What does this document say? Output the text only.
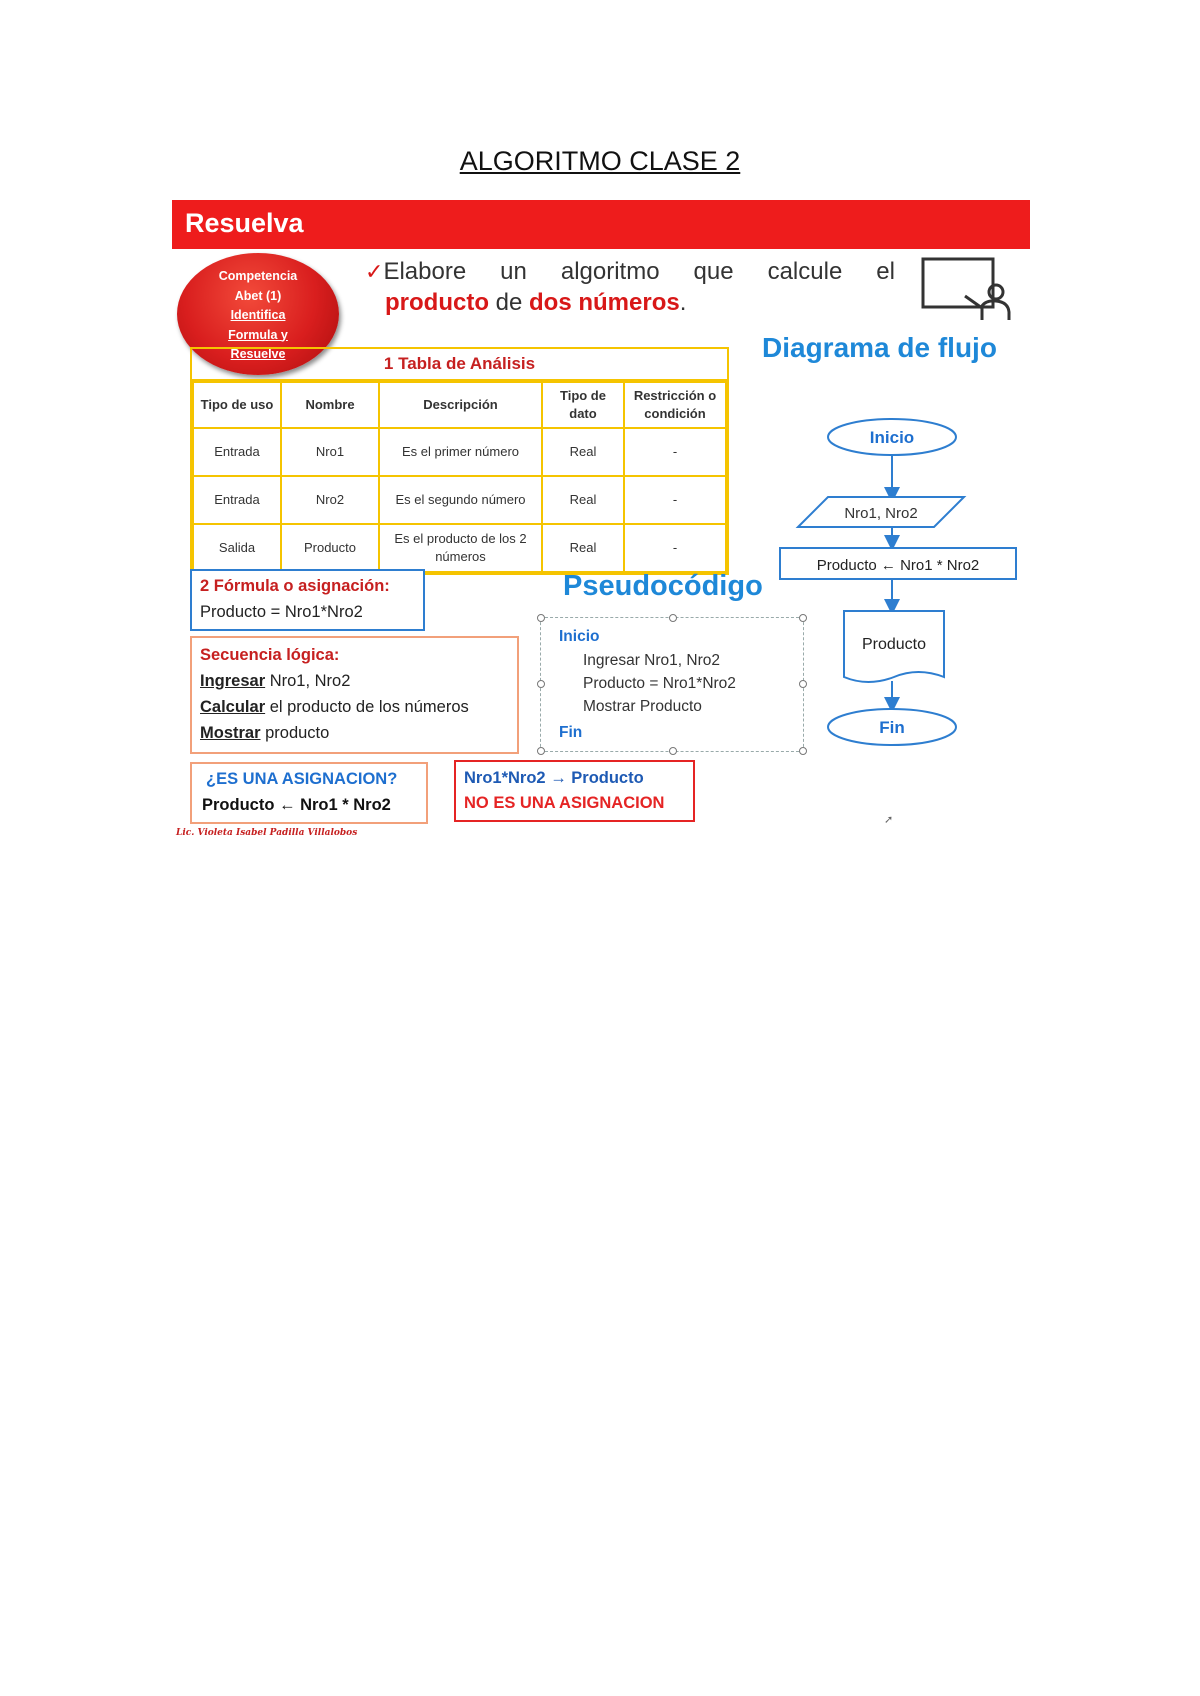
ALGORITMO CLASE 2
Resuelva
Competencia
Abet (1)
Identifica
Formula y
Resuelve
✓Elabore un algoritmo que calcule el
producto de dos números.
Diagrama de flujo
1 Tabla de Análisis
Tipo de uso	Nombre	Descripción	Tipo de dato	Restricción o condición
Entrada	Nro1	Es el primer número	Real	-
Entrada	Nro2	Es el segundo número	Real	-
Salida	Producto	Es el producto de los 2 números	Real	-
2 Fórmula o asignación:
Producto = Nro1*Nro2
Pseudocódigo
Inicio
Ingresar Nro1, Nro2
Producto = Nro1*Nro2
Mostrar Producto
Fin
Secuencia lógica:
Ingresar Nro1, Nro2
Calcular el producto de los números
Mostrar producto
¿ES UNA ASIGNACION?
Producto ← Nro1 * Nro2
Nro1*Nro2 → Producto
NO ES UNA ASIGNACION
Inicio
Nro1, Nro2
Producto ← Nro1 * Nro2
Producto
Fin
Lic. Violeta Isabel Padilla Villalobos
➚
